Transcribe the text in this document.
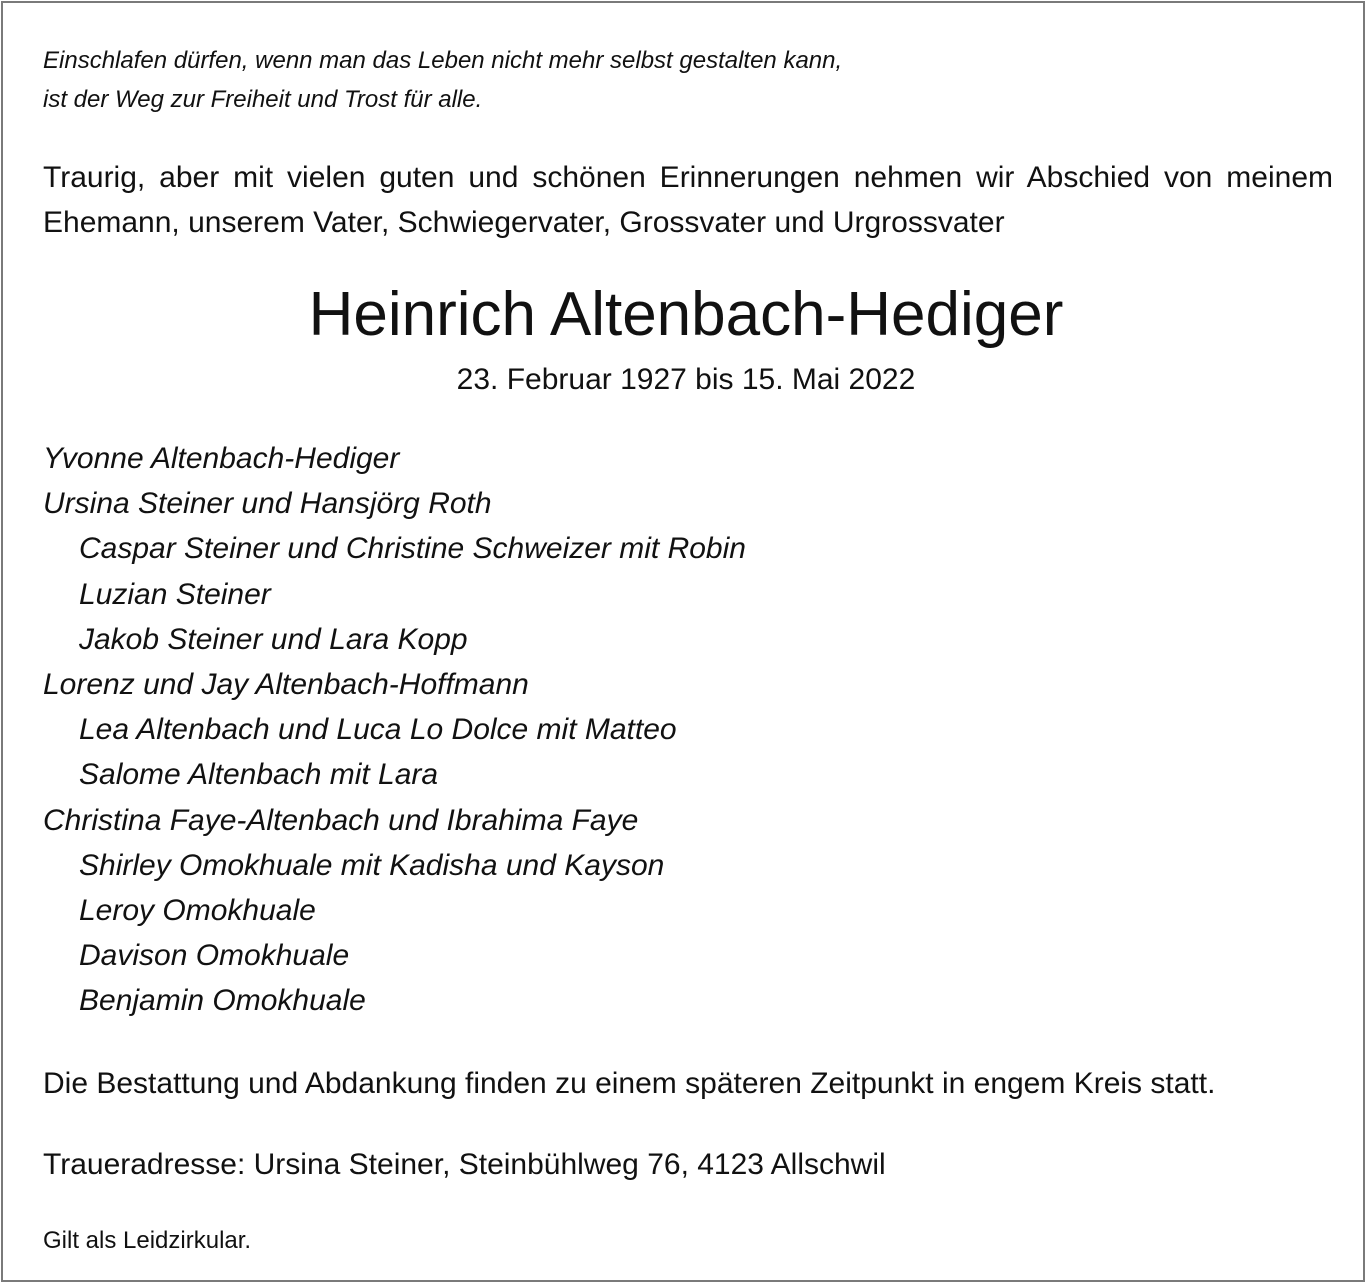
Einschlafen dürfen, wenn man das Leben nicht mehr selbst gestalten kann,
ist der Weg zur Freiheit und Trost für alle.
Traurig, aber mit vielen guten und schönen Erinnerungen nehmen wir Abschied von meinem Ehemann, unserem Vater, Schwiegervater, Grossvater und Urgrossvater
Heinrich Altenbach-Hediger
23. Februar 1927 bis 15. Mai 2022
Yvonne Altenbach-Hediger
Ursina Steiner und Hansjörg Roth
Caspar Steiner und Christine Schweizer mit Robin
Luzian Steiner
Jakob Steiner und Lara Kopp
Lorenz und Jay Altenbach-Hoffmann
Lea Altenbach und Luca Lo Dolce mit Matteo
Salome Altenbach mit Lara
Christina Faye-Altenbach und Ibrahima Faye
Shirley Omokhuale mit Kadisha und Kayson
Leroy Omokhuale
Davison Omokhuale
Benjamin Omokhuale
Die Bestattung und Abdankung finden zu einem späteren Zeitpunkt in engem Kreis statt.
Traueradresse: Ursina Steiner, Steinbühlweg 76, 4123 Allschwil
Gilt als Leidzirkular.
